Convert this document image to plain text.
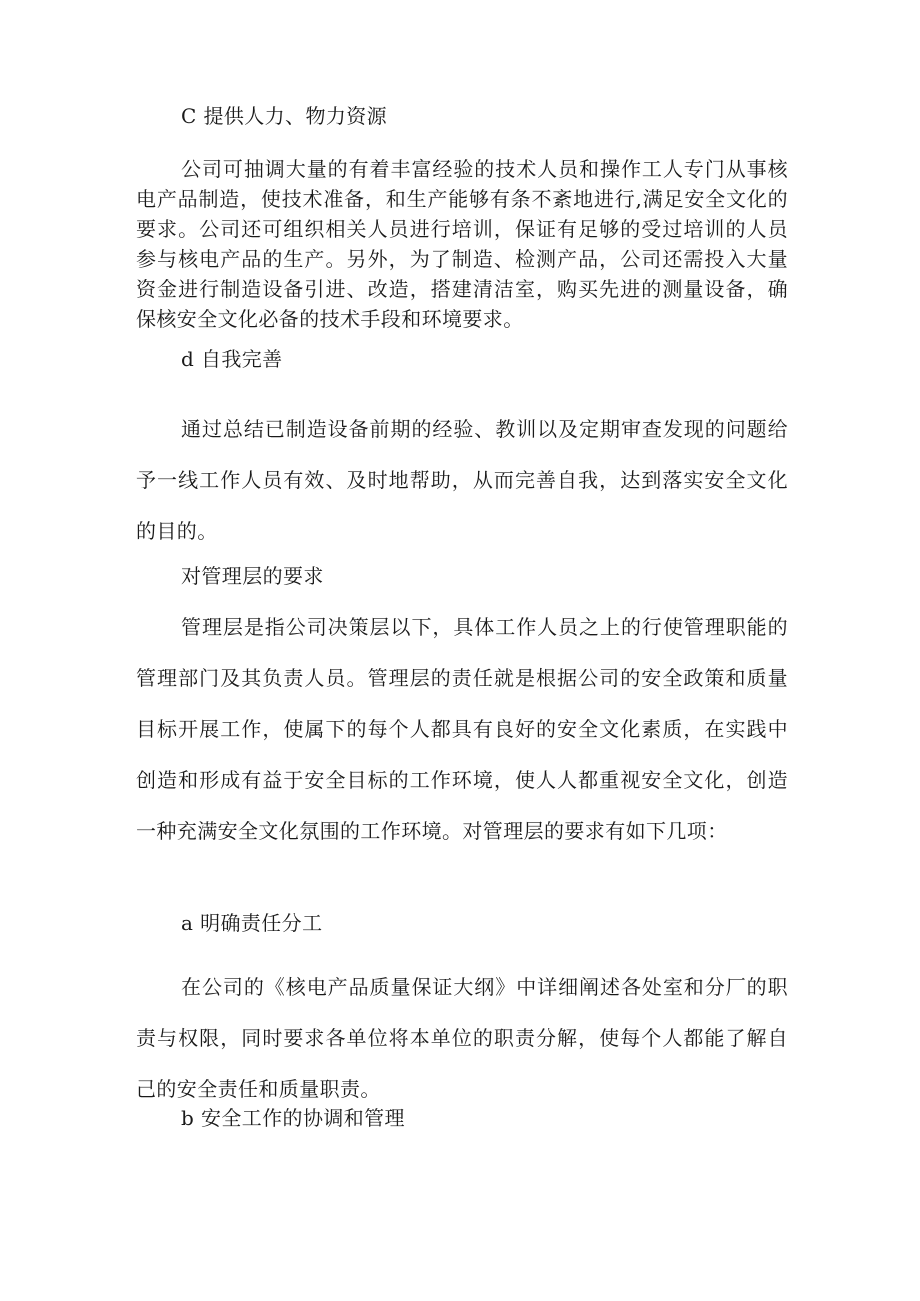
C 提供人力、物力资源

公司可抽调大量的有着丰富经验的技术人员和操作工人专门从事核电产品制造，使技术准备，和生产能够有条不紊地进行,满足安全文化的要求。公司还可组织相关人员进行培训，保证有足够的受过培训的人员参与核电产品的生产。另外，为了制造、检测产品，公司还需投入大量资金进行制造设备引进、改造，搭建清洁室，购买先进的测量设备，确保核安全文化必备的技术手段和环境要求。

d 自我完善

通过总结已制造设备前期的经验、教训以及定期审查发现的问题给予一线工作人员有效、及时地帮助，从而完善自我，达到落实安全文化的目的。

对管理层的要求

管理层是指公司决策层以下，具体工作人员之上的行使管理职能的管理部门及其负责人员。管理层的责任就是根据公司的安全政策和质量目标开展工作，使属下的每个人都具有良好的安全文化素质，在实践中创造和形成有益于安全目标的工作环境，使人人都重视安全文化，创造一种充满安全文化氛围的工作环境。对管理层的要求有如下几项：

a 明确责任分工

在公司的《核电产品质量保证大纲》中详细阐述各处室和分厂的职责与权限，同时要求各单位将本单位的职责分解，使每个人都能了解自己的安全责任和质量职责。

b 安全工作的协调和管理
